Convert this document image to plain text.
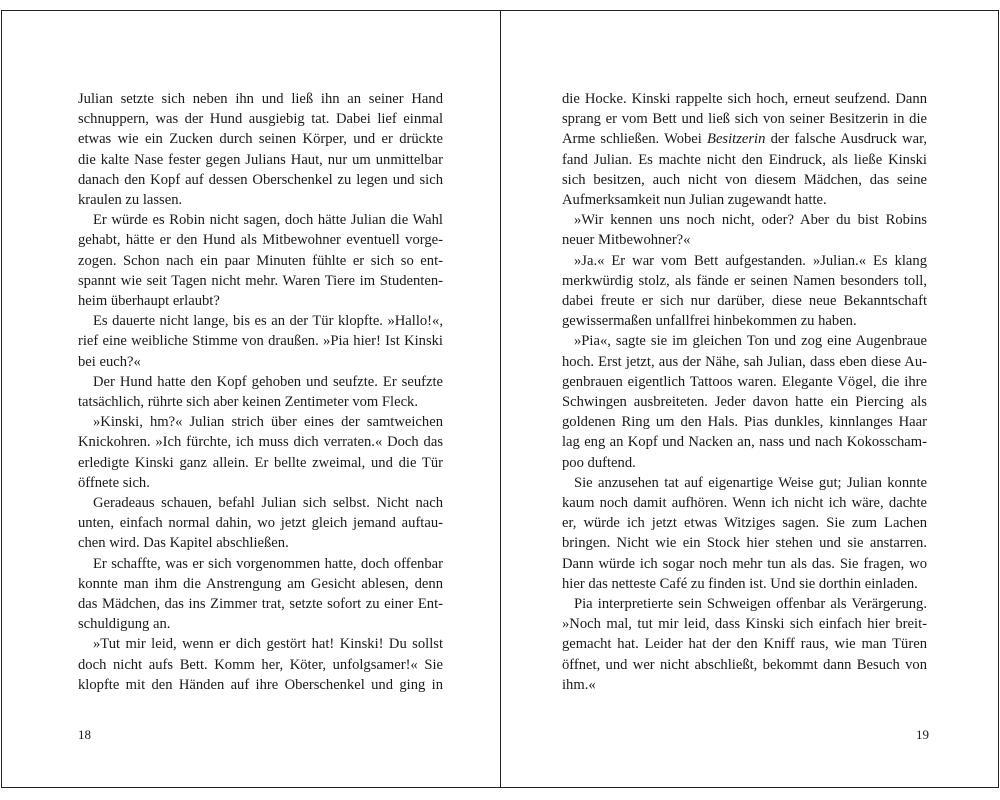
Julian setzte sich neben ihn und ließ ihn an seiner Hand
schnuppern, was der Hund ausgiebig tat. Dabei lief einmal
etwas wie ein Zucken durch seinen Körper, und er drückte
die kalte Nase fester gegen Julians Haut, nur um unmittelbar
danach den Kopf auf dessen Oberschenkel zu legen und sich
kraulen zu lassen.
Er würde es Robin nicht sagen, doch hätte Julian die Wahl
gehabt, hätte er den Hund als Mitbewohner eventuell vorge-
zogen. Schon nach ein paar Minuten fühlte er sich so ent-
spannt wie seit Tagen nicht mehr. Waren Tiere im Studenten-
heim überhaupt erlaubt?
Es dauerte nicht lange, bis es an der Tür klopfte. »Hallo!«,
rief eine weibliche Stimme von draußen. »Pia hier! Ist Kinski
bei euch?«
Der Hund hatte den Kopf gehoben und seufzte. Er seufzte
tatsächlich, rührte sich aber keinen Zentimeter vom Fleck.
»Kinski, hm?« Julian strich über eines der samtweichen
Knickohren. »Ich fürchte, ich muss dich verraten.« Doch das
erledigte Kinski ganz allein. Er bellte zweimal, und die Tür
öffnete sich.
Geradeaus schauen, befahl Julian sich selbst. Nicht nach
unten, einfach normal dahin, wo jetzt gleich jemand auftau-
chen wird. Das Kapitel abschließen.
Er schaffte, was er sich vorgenommen hatte, doch offenbar
konnte man ihm die Anstrengung am Gesicht ablesen, denn
das Mädchen, das ins Zimmer trat, setzte sofort zu einer Ent-
schuldigung an.
»Tut mir leid, wenn er dich gestört hat! Kinski! Du sollst
doch nicht aufs Bett. Komm her, Köter, unfolgsamer!« Sie
klopfte mit den Händen auf ihre Oberschenkel und ging in
18
die Hocke. Kinski rappelte sich hoch, erneut seufzend. Dann
sprang er vom Bett und ließ sich von seiner Besitzerin in die
Arme schließen. Wobei Besitzerin der falsche Ausdruck war,
fand Julian. Es machte nicht den Eindruck, als ließe Kinski
sich besitzen, auch nicht von diesem Mädchen, das seine
Aufmerksamkeit nun Julian zugewandt hatte.
»Wir kennen uns noch nicht, oder? Aber du bist Robins
neuer Mitbewohner?«
»Ja.« Er war vom Bett aufgestanden. »Julian.« Es klang
merkwürdig stolz, als fände er seinen Namen besonders toll,
dabei freute er sich nur darüber, diese neue Bekanntschaft
gewissermaßen unfallfrei hinbekommen zu haben.
»Pia«, sagte sie im gleichen Ton und zog eine Augenbraue
hoch. Erst jetzt, aus der Nähe, sah Julian, dass eben diese Au-
genbrauen eigentlich Tattoos waren. Elegante Vögel, die ihre
Schwingen ausbreiteten. Jeder davon hatte ein Piercing als
goldenen Ring um den Hals. Pias dunkles, kinnlanges Haar
lag eng an Kopf und Nacken an, nass und nach Kokosscham-
poo duftend.
Sie anzusehen tat auf eigenartige Weise gut; Julian konnte
kaum noch damit aufhören. Wenn ich nicht ich wäre, dachte
er, würde ich jetzt etwas Witziges sagen. Sie zum Lachen
bringen. Nicht wie ein Stock hier stehen und sie anstarren.
Dann würde ich sogar noch mehr tun als das. Sie fragen, wo
hier das netteste Café zu finden ist. Und sie dorthin einladen.
Pia interpretierte sein Schweigen offenbar als Verärgerung.
»Noch mal, tut mir leid, dass Kinski sich einfach hier breit-
gemacht hat. Leider hat der den Kniff raus, wie man Türen
öffnet, und wer nicht abschließt, bekommt dann Besuch von
ihm.«
19
